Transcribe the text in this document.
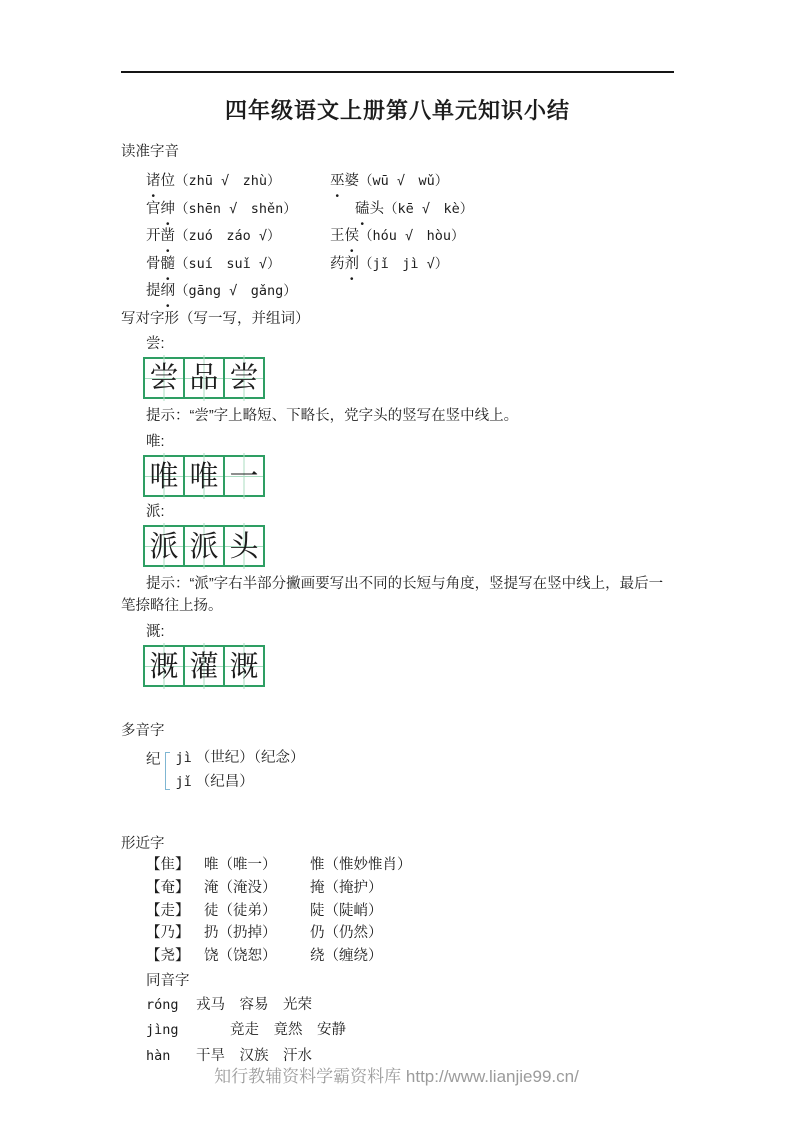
四年级语文上册第八单元知识小结
读准字音
诸位（zhū √　zhù）	巫婆（wū √　wǔ）
官绅（shēn √　shěn）	磕头（kē √　kè）
开凿（zuó　záo √）	王侯（hóu √　hòu）
骨髓（suí　suǐ √）	药剂（jǐ　jì √）
提纲（gāng √　gǎng）
写对字形（写一写，并组词）
尝:
尝 品 尝
提示：“尝”字上略短、下略长，党字头的竖写在竖中线上。
唯:
唯 唯 一
派:
派 派 头
提示：“派”字右半部分撇画要写出不同的长短与角度，竖提写在竖中线上，最后一笔捺略往上扬。
溉:
溉 灌 溉
多音字
纪 jì （世纪）（纪念）
jǐ （纪昌）
形近字
【隹】	唯（唯一）	惟（惟妙惟肖）
【奄】	淹（淹没）	掩（掩护）
【走】	徒（徒弟）	陡（陡峭）
【乃】	扔（扔掉）	仍（仍然）
【尧】	饶（饶恕）	绕（缠绕）
同音字
róng	戎马　容易　光荣
jìng	竞走　竟然　安静
hàn	干旱　汉族　汗水
知行教辅资料学霸资料库 http://www.lianjie99.cn/
